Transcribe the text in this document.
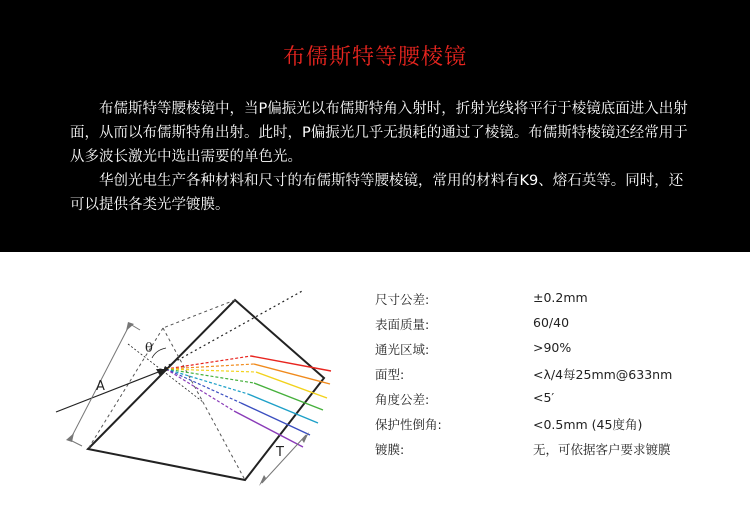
布儒斯特等腰棱镜

布儒斯特等腰棱镜中，当P偏振光以布儒斯特角入射时，折射光线将平行于棱镜底面进入出射面，从而以布儒斯特角出射。此时，P偏振光几乎无损耗的通过了棱镜。布儒斯特棱镜还经常用于从多波长激光中选出需要的单色光。

华创光电生产各种材料和尺寸的布儒斯特等腰棱镜，常用的材料有K9、熔石英等。同时，还可以提供各类光学镀膜。

θ
A
T
尺寸公差:	±0.2mm
表面质量:	60/40
通光区域:	>90%
面型:	<λ/4每25mm@633nm
角度公差:	<5′
保护性倒角:	<0.5mm (45度角)
镀膜:	无，可依据客户要求镀膜
